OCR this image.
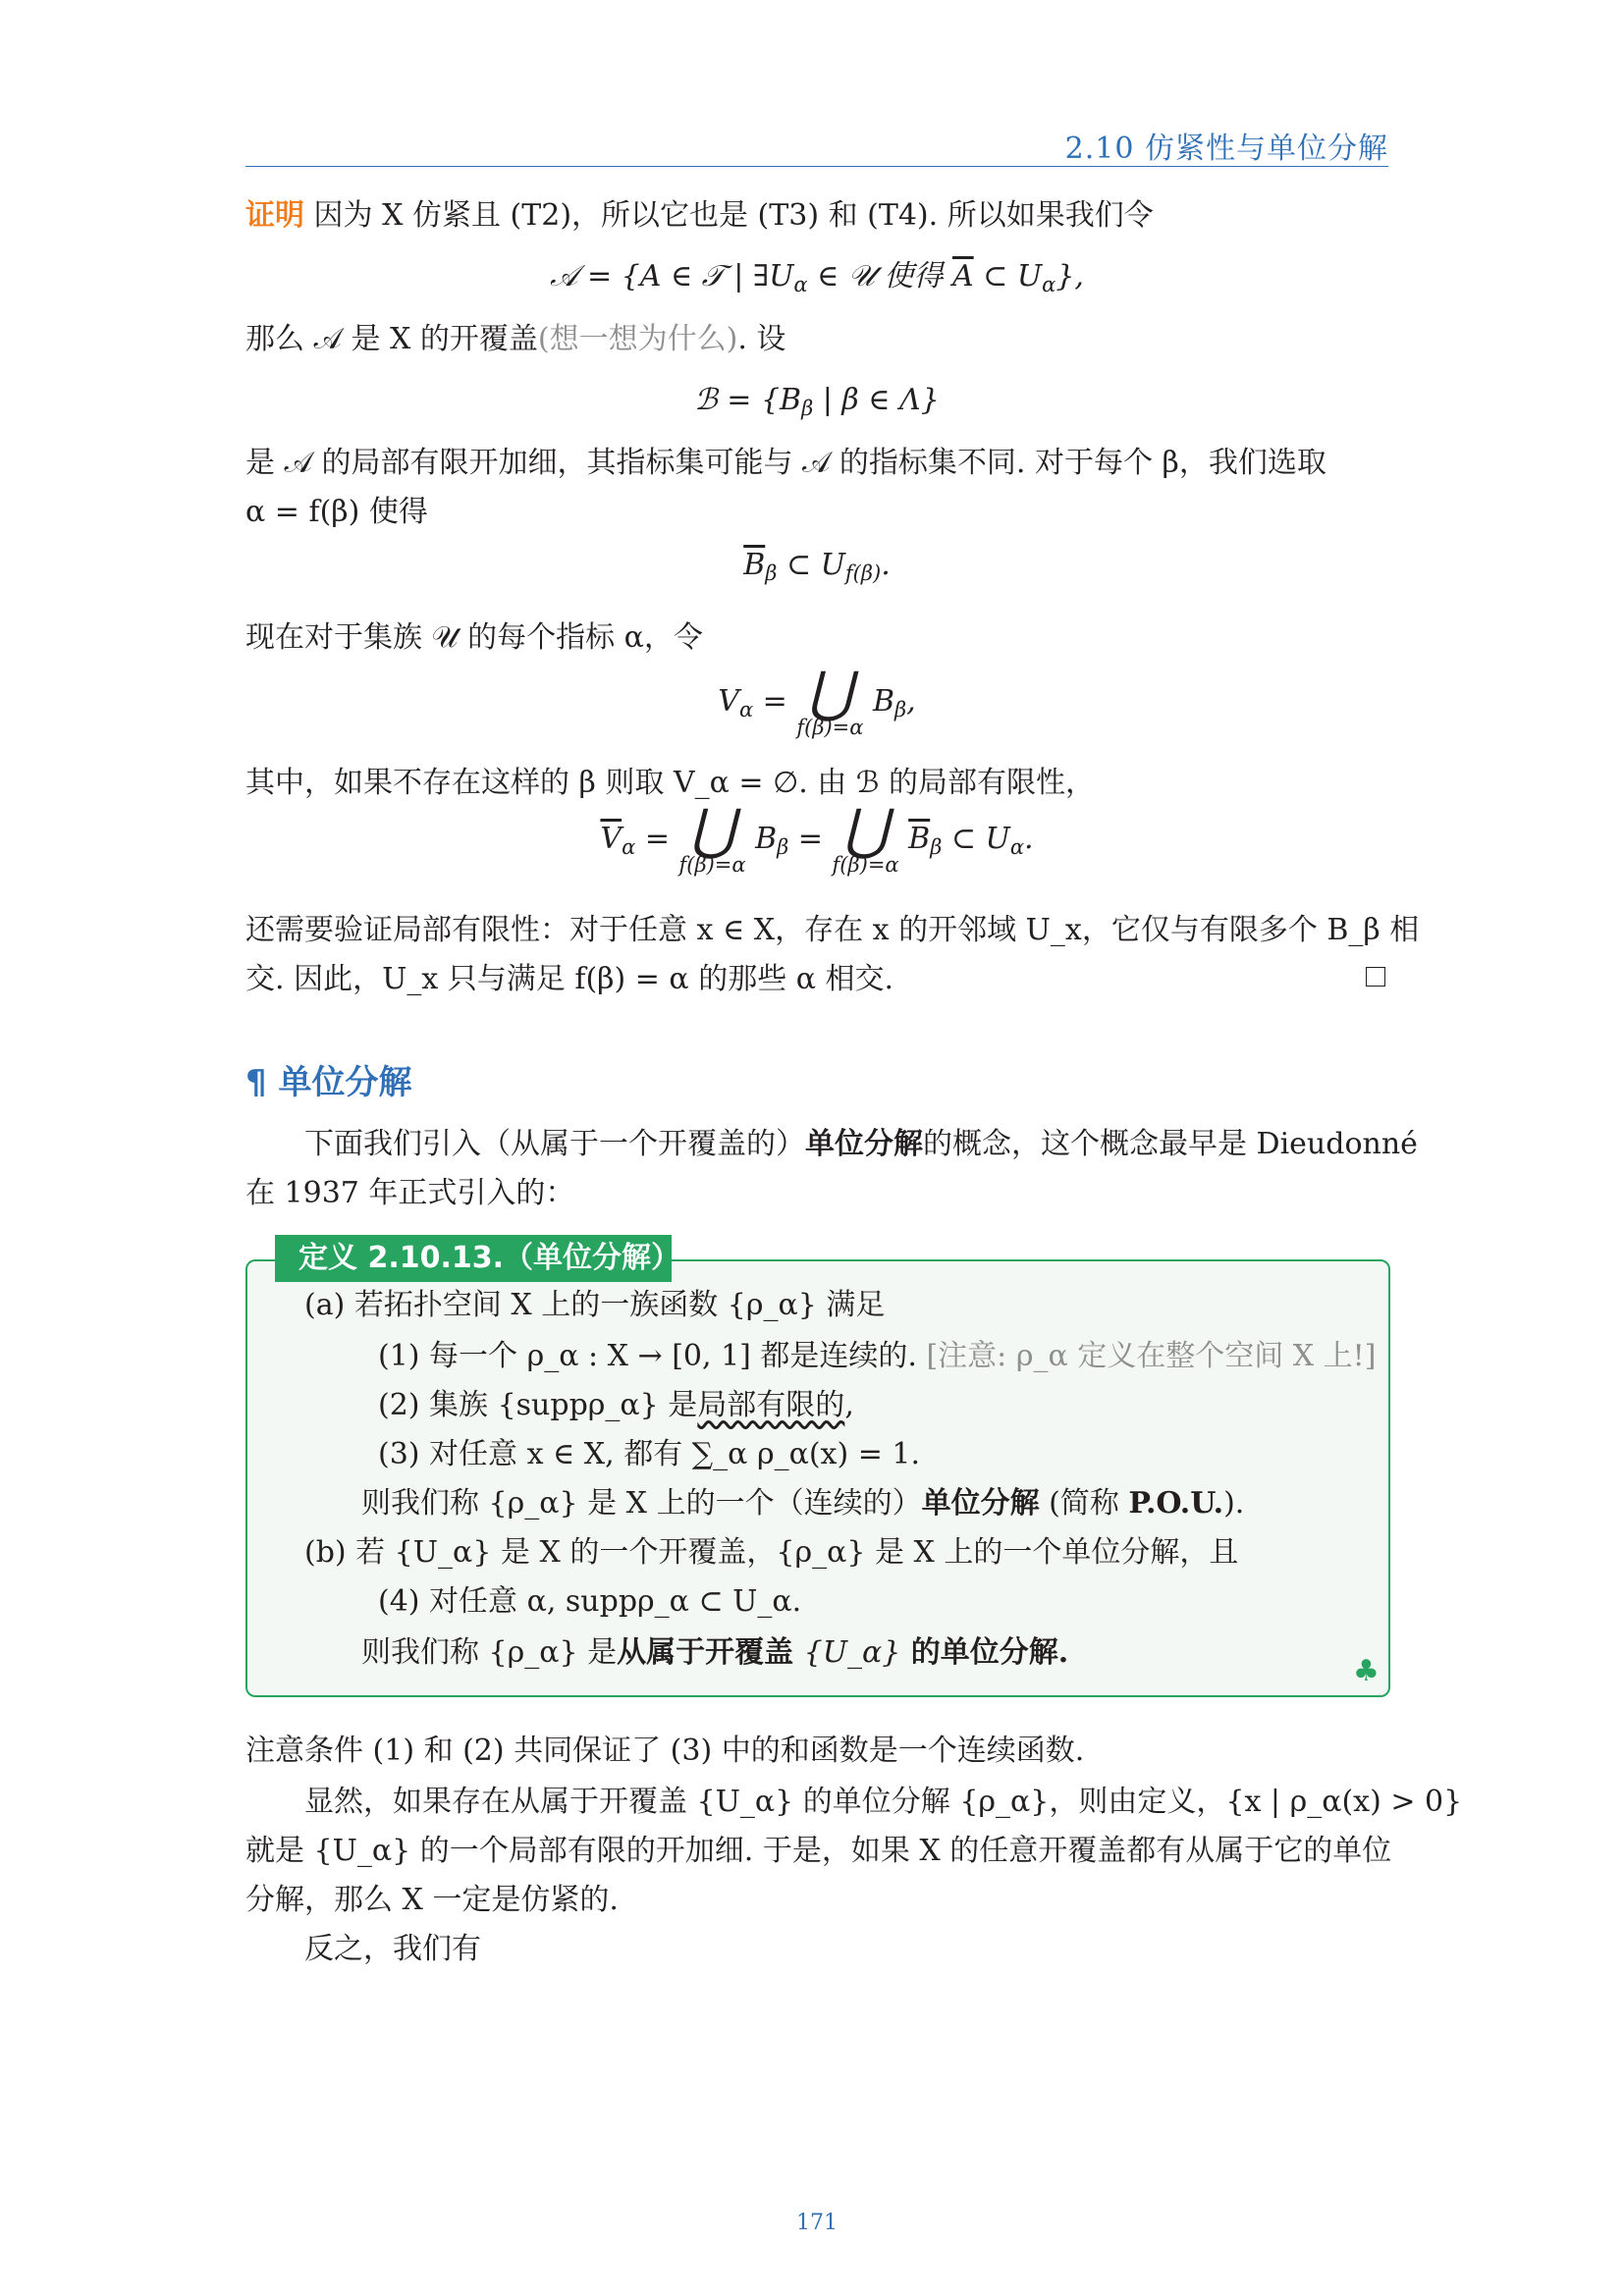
2.10 仿紧性与单位分解
证明 因为 X 仿紧且 (T2)，所以它也是 (T3) 和 (T4). 所以如果我们令
𝒜 = {A ∈ 𝒯 | $\exists U_\alpha$ ∈ 𝒰 使得 $\overline{A}$ ⊂ $U_\alpha$},
那么 𝒜 是 X 的开覆盖(想一想为什么). 设
ℬ = {$B_\beta$ | β ∈ Λ}
是 𝒜 的局部有限开加细，其指标集可能与 𝒜 的指标集不同. 对于每个 β，我们选取
α = f(β) 使得
$\overline{B}_\beta$ ⊂ $U_{f(\beta)}$.
现在对于集族 𝒰 的每个指标 α，令
$V_\alpha$ = ⋃
f(β)=α
$B_\beta$,
其中，如果不存在这样的 β 则取 V_α = ∅. 由 ℬ 的局部有限性，
$\overline{V}_\alpha$ = ⋃
f(β)=α
$B_\beta$ = ⋃
f(β)=α
$\overline{B}_\beta$ ⊂ $U_\alpha$.
还需要验证局部有限性：对于任意 x ∈ X，存在 x 的开邻域 U_x，它仅与有限多个 B_β 相
交. 因此，U_x 只与满足 f(β) = α 的那些 α 相交.
¶ 单位分解
下面我们引入（从属于一个开覆盖的）单位分解的概念，这个概念最早是 Dieudonné
在 1937 年正式引入的：
定义 2.10.13.（单位分解）
(a) 若拓扑空间 X 上的一族函数 {ρ_α} 满足
(1) 每一个 ρ_α : X → [0, 1] 都是连续的. [注意: ρ_α 定义在整个空间 X 上!]
(2) 集族 {suppρ_α} 是局部有限的,
(3) 对任意 x ∈ X, 都有 ∑_α ρ_α(x) = 1.
则我们称 {ρ_α} 是 X 上的一个（连续的）单位分解 (简称 P.O.U.).
(b) 若 {U_α} 是 X 的一个开覆盖，{ρ_α} 是 X 上的一个单位分解，且
(4) 对任意 α, suppρ_α ⊂ U_α.
则我们称 {ρ_α} 是从属于开覆盖 {U_α} 的单位分解.
♣
注意条件 (1) 和 (2) 共同保证了 (3) 中的和函数是一个连续函数.
显然，如果存在从属于开覆盖 {U_α} 的单位分解 {ρ_α}，则由定义，{x | ρ_α(x) > 0}
就是 {U_α} 的一个局部有限的开加细. 于是，如果 X 的任意开覆盖都有从属于它的单位
分解，那么 X 一定是仿紧的.
反之，我们有
171
